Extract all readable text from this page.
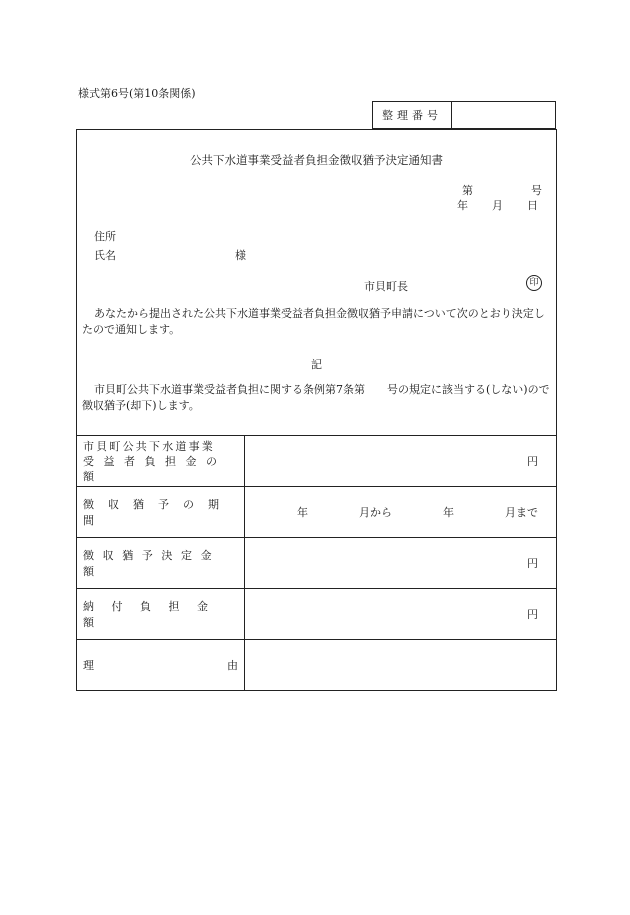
様式第6号(第10条関係)
整理番号
公共下水道事業受益者負担金徴収猶予決定通知書
第	号
年 月 日
住所
氏名	様
市貝町長	印
あなたから提出された公共下水道事業受益者負担金徴収猶予申請について次のとおり決定したので通知します。
記
市貝町公共下水道事業受益者負担に関する条例第7条第　　号の規定に該当する(しない)ので徴収猶予(却下)します。
市貝町公共下水道事業
受益者負担金の額	円

徴収猶予の期間	年 月から 年 月まで

徴収猶予決定金額	円

納付負担金額	円

理 由	
